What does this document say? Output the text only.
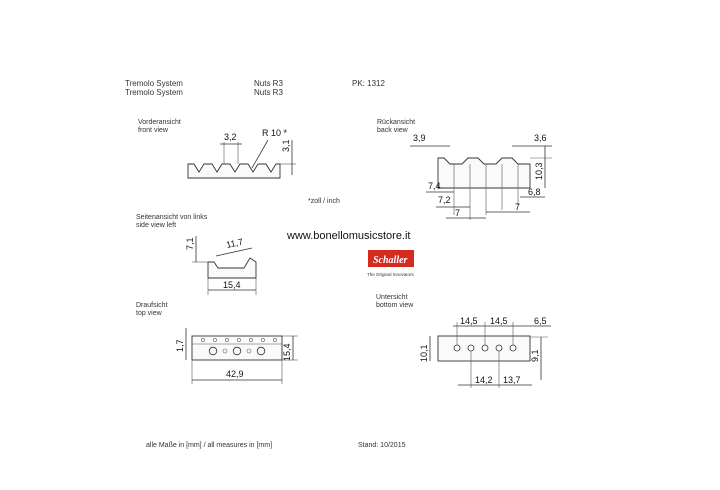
Tremolo System	Nuts R3	PK: 1312
Tremolo System	Nuts R3
Vorderansicht
front view
3,2	R 10 *
3,1
*zoll / inch
Rückansicht
back view
3,9	3,6
10,3
7,4
6,8
7,2
7
7
www.bonellomusicstore.it
Schaller
The Original Innovators
Seitenansicht von links
side view left
7,1	11,7
15,4
Draufsicht
top view
1,7	15,4
42,9
Untersicht
bottom view
14,5 14,5	6,5
10,1	9,1
14,2 13,7
alle Maße in [mm] / all measures in [mm]	Stand: 10/2015
